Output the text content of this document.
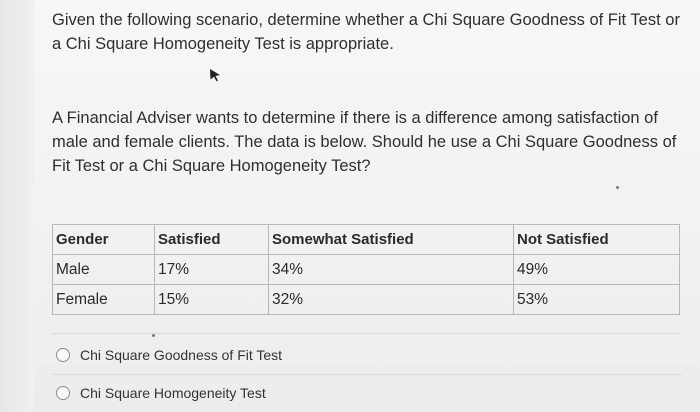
Given the following scenario, determine whether a Chi Square Goodness of Fit Test or a Chi Square Homogeneity Test is appropriate.
A Financial Adviser wants to determine if there is a difference among satisfaction of male and female clients. The data is below. Should he use a Chi Square Goodness of Fit Test or a Chi Square Homogeneity Test?
Gender	Satisfied	Somewhat Satisfied	Not Satisfied
Male	17%	34%	49%
Female	15%	32%	53%
Chi Square Goodness of Fit Test
Chi Square Homogeneity Test
